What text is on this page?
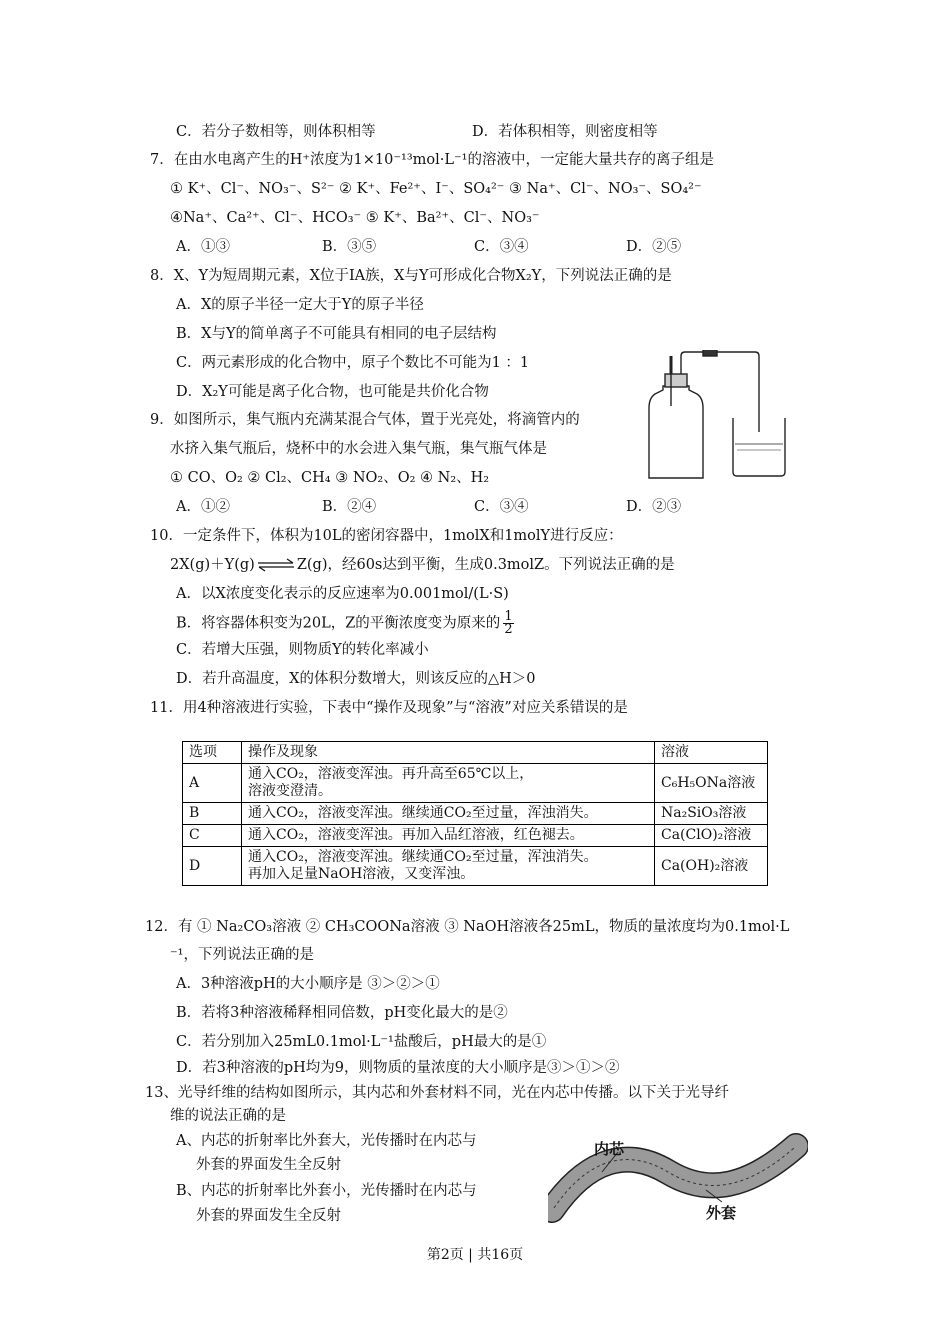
C．若分子数相等，则体积相等	D．若体积相等，则密度相等
7．在由水电离产生的H⁺浓度为1×10⁻¹³mol·L⁻¹的溶液中，一定能大量共存的离子组是
① K⁺、Cl⁻、NO₃⁻、S²⁻ ② K⁺、Fe²⁺、I⁻、SO₄²⁻ ③ Na⁺、Cl⁻、NO₃⁻、SO₄²⁻
④Na⁺、Ca²⁺、Cl⁻、HCO₃⁻ ⑤ K⁺、Ba²⁺、Cl⁻、NO₃⁻
A．①③	B．③⑤	C．③④	D．②⑤
8．X、Y为短周期元素，X位于IA族，X与Y可形成化合物X₂Y，下列说法正确的是
A．X的原子半径一定大于Y的原子半径
B．X与Y的简单离子不可能具有相同的电子层结构
C．两元素形成的化合物中，原子个数比不可能为1 ：1
D．X₂Y可能是离子化合物，也可能是共价化合物
9．如图所示，集气瓶内充满某混合气体，置于光亮处，将滴管内的
水挤入集气瓶后，烧杯中的水会进入集气瓶，集气瓶气体是
① CO、O₂ ② Cl₂、CH₄ ③ NO₂、O₂ ④ N₂、H₂
A．①②	B．②④	C．③④	D．②③
10．一定条件下，体积为10L的密闭容器中，1molX和1molY进行反应：
2X(g)＋Y(g)⇌Z(g)，经60s达到平衡，生成0.3molZ。下列说法正确的是
A．以X浓度变化表示的反应速率为0.001mol/(L·S)
B．将容器体积变为20L，Z的平衡浓度变为原来的 $\frac{1}{2}$
C．若增大压强，则物质Y的转化率减小
D．若升高温度，X的体积分数增大，则该反应的△H＞0
11．用4种溶液进行实验，下表中“操作及现象”与“溶液”对应关系错误的是
选项	操作及现象	溶液
A	通入CO₂，溶液变浑浊。再升高至65℃以上，
溶液变澄清。	C₆H₅ONa溶液
B	通入CO₂，溶液变浑浊。继续通CO₂至过量，浑浊消失。	Na₂SiO₃溶液
C	通入CO₂，溶液变浑浊。再加入品红溶液，红色褪去。	Ca(ClO)₂溶液
D	通入CO₂，溶液变浑浊。继续通CO₂至过量，浑浊消失。
再加入足量NaOH溶液，又变浑浊。	Ca(OH)₂溶液
12．有 ① Na₂CO₃溶液 ② CH₃COONa溶液 ③ NaOH溶液各25mL，物质的量浓度均为0.1mol·L
⁻¹，下列说法正确的是
A．3种溶液pH的大小顺序是 ③＞②＞①
B．若将3种溶液稀释相同倍数，pH变化最大的是②
C．若分别加入25mL0.1mol·L⁻¹盐酸后，pH最大的是①
D．若3种溶液的pH均为9，则物质的量浓度的大小顺序是③＞①＞②
13、光导纤维的结构如图所示，其内芯和外套材料不同，光在内芯中传播。以下关于光导纤
维的说法正确的是
A、内芯的折射率比外套大，光传播时在内芯与
外套的界面发生全反射
B、内芯的折射率比外套小，光传播时在内芯与
外套的界面发生全反射
内芯
外套
第2页 | 共16页
